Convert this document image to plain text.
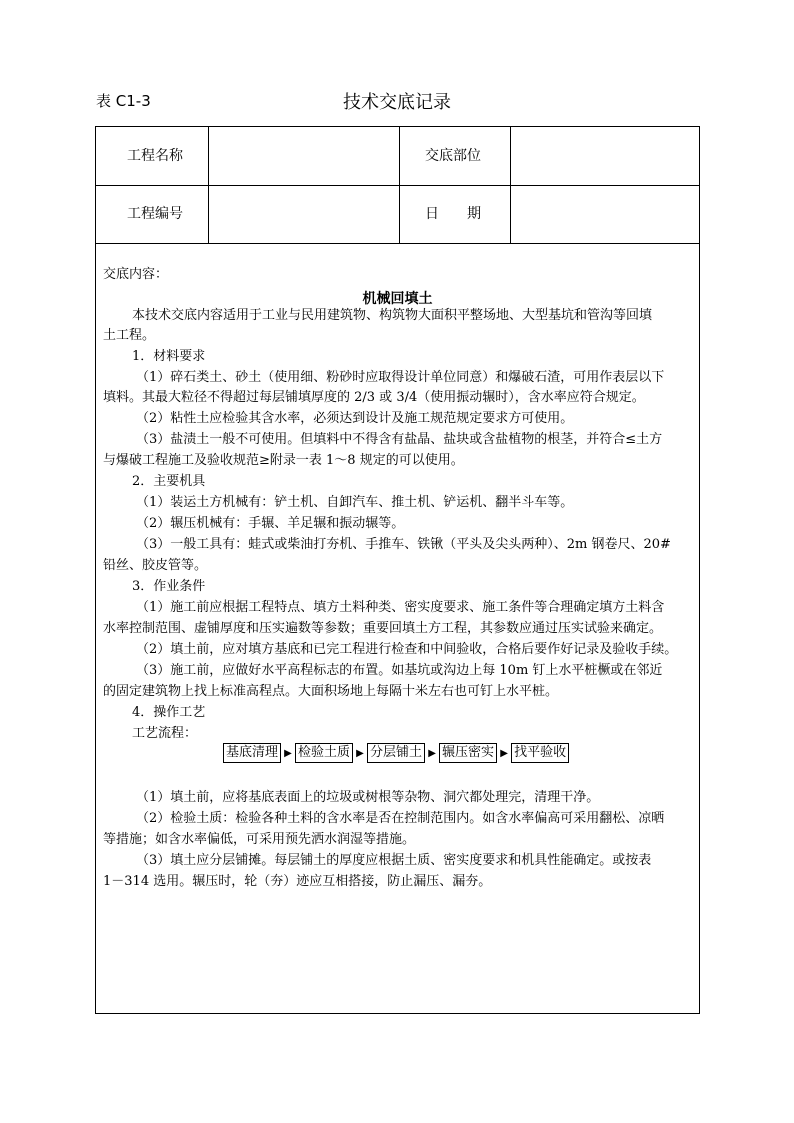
表 C1-3	技术交底记录
工程名称	交底部位
工程编号	日　　期
交底内容：
机械回填土
本技术交底内容适用于工业与民用建筑物、构筑物大面积平整场地、大型基坑和管沟等回填
土工程。
1．材料要求
（1）碎石类土、砂土（使用细、粉砂时应取得设计单位同意）和爆破石渣，可用作表层以下
填料。其最大粒径不得超过每层铺填厚度的 2/3 或 3/4（使用振动辗时），含水率应符合规定。
（2）粘性土应检验其含水率，必须达到设计及施工规范规定要求方可使用。
（3）盐渍土一般不可使用。但填料中不得含有盐晶、盐块或含盐植物的根茎，并符合≤土方
与爆破工程施工及验收规范≥附录一表 1～8 规定的可以使用。
2．主要机具
（1）装运土方机械有：铲土机、自卸汽车、推土机、铲运机、翻半斗车等。
（2）辗压机械有：手辗、羊足辗和振动辗等。
（3）一般工具有：蛙式或柴油打夯机、手推车、铁锹（平头及尖头两种）、2m 钢卷尺、20#
铅丝、胶皮管等。
3．作业条件
（1）施工前应根据工程特点、填方土料种类、密实度要求、施工条件等合理确定填方土料含
水率控制范围、虚铺厚度和压实遍数等参数；重要回填土方工程，其参数应通过压实试验来确定。
（2）填土前，应对填方基底和已完工程进行检查和中间验收，合格后要作好记录及验收手续。
（3）施工前，应做好水平高程标志的布置。如基坑或沟边上每 10m 钉上水平桩橛或在邻近
的固定建筑物上找上标准高程点。大面积场地上每隔十米左右也可钉上水平桩。
4．操作工艺
工艺流程：
基底清理 ▶ 检验土质 ▶ 分层铺土 ▶ 辗压密实 ▶ 找平验收
（1）填土前，应将基底表面上的垃圾或树根等杂物、洞穴都处理完，清理干净。
（2）检验土质：检验各种土料的含水率是否在控制范围内。如含水率偏高可采用翻松、凉晒
等措施；如含水率偏低，可采用预先洒水润湿等措施。
（3）填土应分层铺摊。每层铺土的厚度应根据土质、密实度要求和机具性能确定。或按表
1－314 选用。辗压时，轮（夯）迹应互相搭接，防止漏压、漏夯。
